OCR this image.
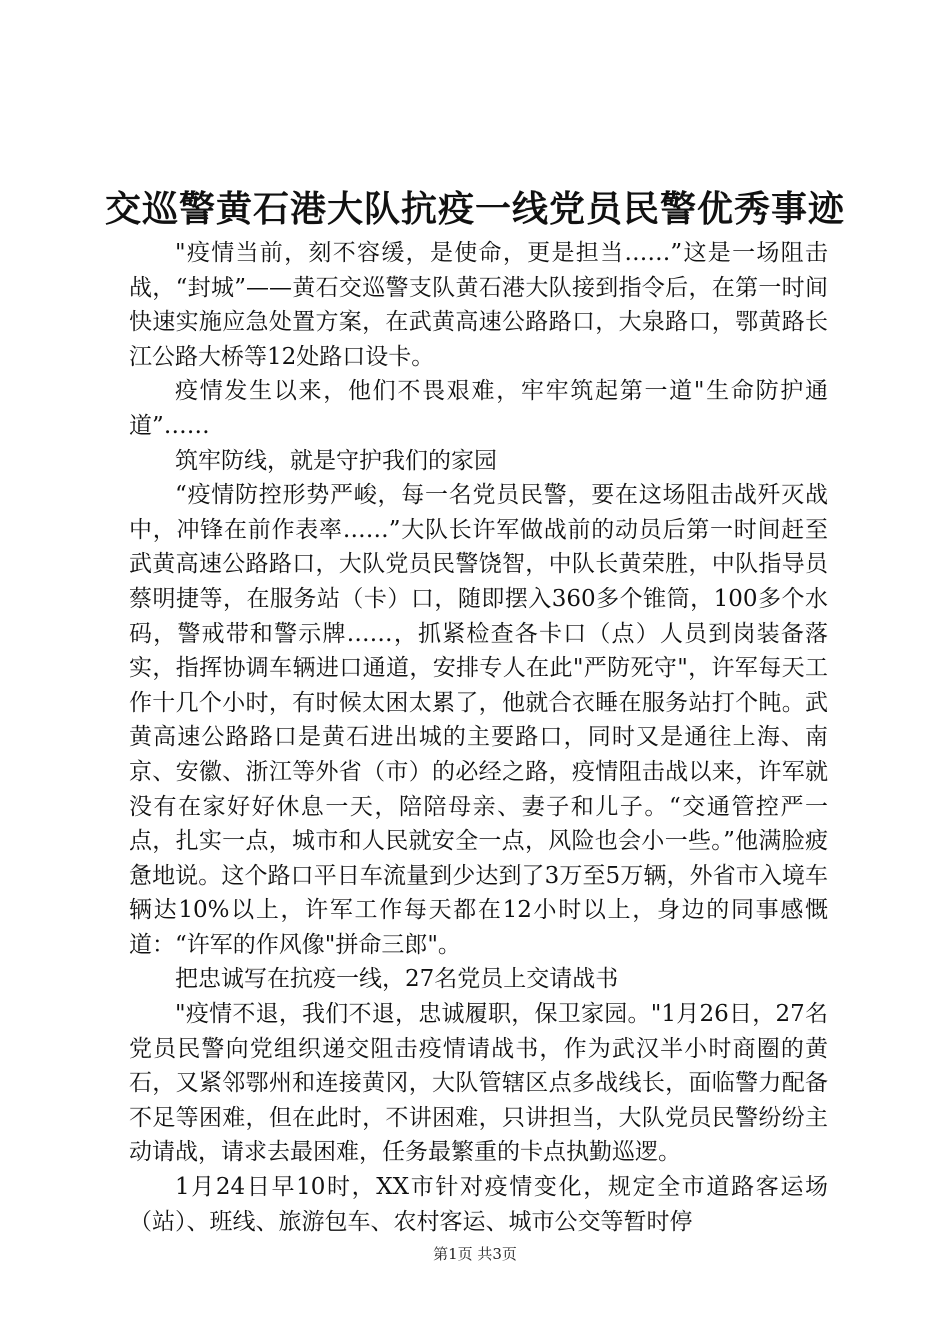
交巡警黄石港大队抗疫一线党员民警优秀事迹

"疫情当前，刻不容缓，是使命，更是担当……”这是一场阻击战，“封城”——黄石交巡警支队黄石港大队接到指令后，在第一时间快速实施应急处置方案，在武黄高速公路路口，大泉路口，鄂黄路长江公路大桥等12处路口设卡。

疫情发生以来，他们不畏艰难，牢牢筑起第一道"生命防护通道”……

筑牢防线，就是守护我们的家园

“疫情防控形势严峻，每一名党员民警，要在这场阻击战歼灭战中，冲锋在前作表率……”大队长许军做战前的动员后第一时间赶至武黄高速公路路口，大队党员民警饶智，中队长黄荣胜，中队指导员蔡明捷等，在服务站（卡）口，随即摆入360多个锥筒，100多个水码，警戒带和警示牌……，抓紧检查各卡口（点）人员到岗装备落实，指挥协调车辆进口通道，安排专人在此"严防死守"，许军每天工作十几个小时，有时候太困太累了，他就合衣睡在服务站打个盹。武黄高速公路路口是黄石进出城的主要路口，同时又是通往上海、南京、安徽、浙江等外省（市）的必经之路，疫情阻击战以来，许军就没有在家好好休息一天，陪陪母亲、妻子和儿子。“交通管控严一点，扎实一点，城市和人民就安全一点，风险也会小一些。”他满脸疲惫地说。这个路口平日车流量到少达到了3万至5万辆，外省市入境车辆达10%以上，许军工作每天都在12小时以上，身边的同事感慨道：“许军的作风像"拼命三郎"。

把忠诚写在抗疫一线，27名党员上交请战书

"疫情不退，我们不退，忠诚履职，保卫家园。"1月26日，27名党员民警向党组织递交阻击疫情请战书，作为武汉半小时商圈的黄石，又紧邻鄂州和连接黄冈，大队管辖区点多战线长，面临警力配备不足等困难，但在此时，不讲困难，只讲担当，大队党员民警纷纷主动请战，请求去最困难，任务最繁重的卡点执勤巡逻。

1月24日早10时，XX市针对疫情变化，规定全市道路客运场（站）、班线、旅游包车、农村客运、城市公交等暂时停

第1页 共3页
